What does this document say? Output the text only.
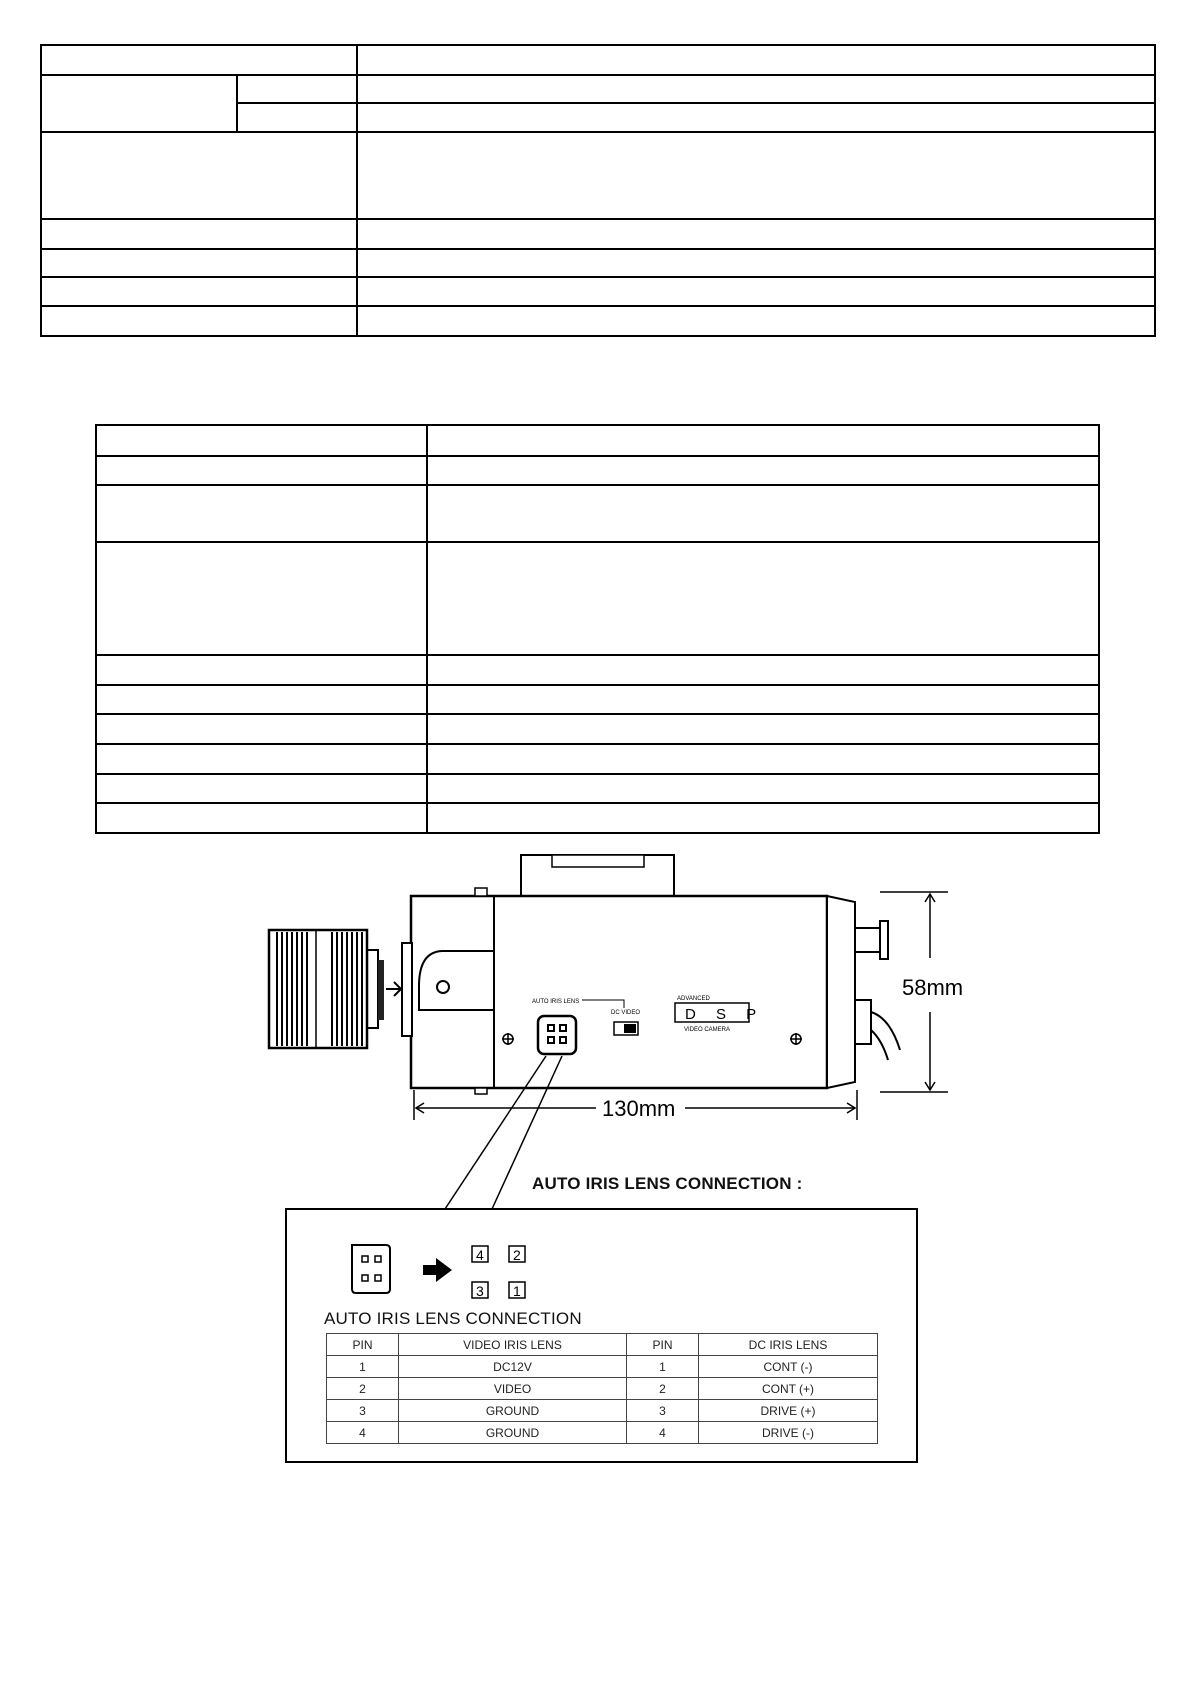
AUTO IRIS LENS
DC VIDEO
ADVANCED
D S P
VIDEO CAMERA
58mm
130mm
4 2
3 1
AUTO IRIS LENS CONNECTION :
AUTO IRIS LENS CONNECTION
PIN	VIDEO IRIS LENS	PIN	DC IRIS LENS
1	DC12V	1	CONT (-)
2	VIDEO	2	CONT (+)
3	GROUND	3	DRIVE (+)
4	GROUND	4	DRIVE (-)
